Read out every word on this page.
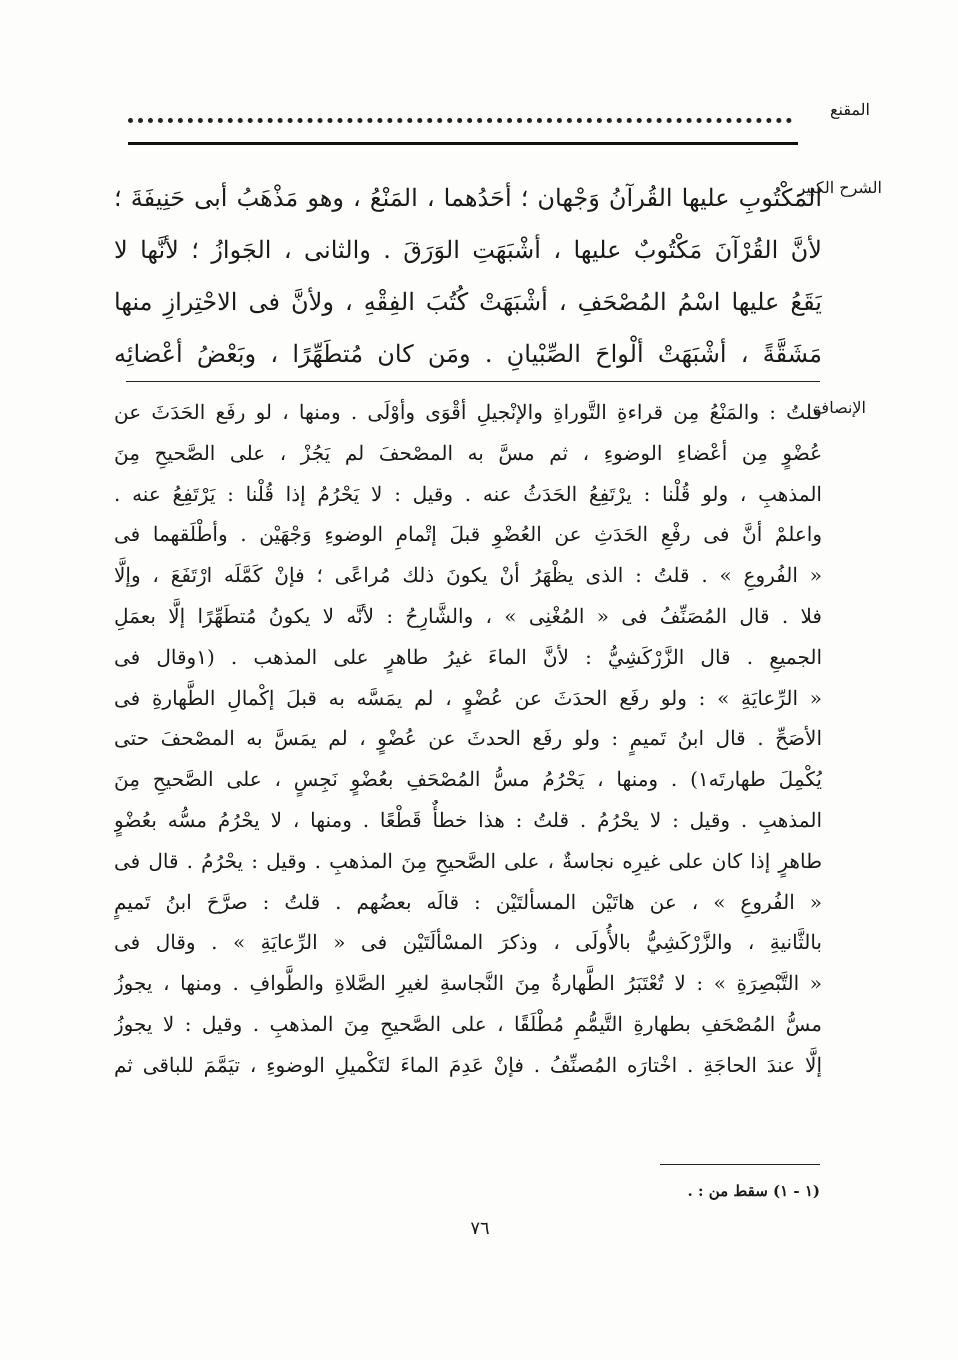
المقنع
الشرح الكبير
المَكْتُوبِ عليها القُرآنُ وَجْهان ؛ أحَدُهما ، المَنْعُ ، وهو مَذْهَبُ أبى حَنِيفَةَ ؛
لأنَّ القُرْآنَ مَكْتُوبٌ عليها ، أشْبَهَتِ الوَرَقَ . والثانى ، الجَوازُ ؛ لأنَّها لا
يَقَعُ عليها اسْمُ المُصْحَفِ ، أشْبَهَتْ كُتُبَ الفِقْهِ ، ولأنَّ فى الاحْتِرازِ منها
مَشَقَّةً ، أشْبَهَتْ ألْواحَ الصِّبْيانِ . ومَن كان مُتطَهِّرًا ، وبَعْضُ أعْضائِه
الإنصاف
قلتُ : والمَنْعُ مِن قراءةِ التَّوراةِ والإنْجيلِ أقْوَى وأوْلَى . ومنها ، لو رفَع الحَدَثَ عن
عُضْوٍ مِن أعْضاءِ الوضوءِ ، ثم مسَّ به المصْحفَ لم يَجُزْ ، على الصَّحيحِ مِنَ
المذهبِ ، ولو قُلْنا : يرْتَفِعُ الحَدَثُ عنه . وقيل : لا يَحْرُمُ إذا قُلْنا : يَرْتَفِعُ عنه .
واعلمْ أنَّ فى رفْعِ الحَدَثِ عن العُضْوِ قبلَ إتْمامِ الوضوءِ وَجْهَيْن . وأطْلَقهما فى
« الفُروعِ » . قلتُ : الذى يظْهَرُ أنْ يكونَ ذلك مُراعًى ؛ فإنْ كَمَّلَه ارْتَفَعَ ، وإلَّا
فلا . قال المُصَنِّفُ فى « المُغْنِى » ، والشَّارِحُ : لأنَّه لا يكونُ مُتطَهِّرًا إلَّا بعمَلِ
الجميعِ . قال الزَّرْكَشِيُّ : لأنَّ الماءَ غيرُ طاهرٍ على المذهب . (١وقال فى
« الرِّعايَةِ » : ولو رفَع الحدَثَ عن عُضْوٍ ، لم يمَسَّه به قبلَ إكْمالِ الطَّهارةِ فى
الأصَحِّ . قال ابنُ تَميمٍ : ولو رفَع الحدثَ عن عُضْوٍ ، لم يمَسَّ به المصْحفَ حتى
يُكْمِلَ طهارتَه١) . ومنها ، يَحْرُمُ مسُّ المُصْحَفِ بعُضْوٍ نَجِسٍ ، على الصَّحيحِ مِنَ
المذهبِ . وقيل : لا يحْرُمُ . قلتُ : هذا خطأٌ قَطْعًا . ومنها ، لا يحْرُمُ مسُّه بعُضْوٍ
طاهرٍ إذا كان على غيرِه نجاسةٌ ، على الصَّحيحِ مِنَ المذهبِ . وقيل : يحْرُمُ . قال فى
« الفُروعِ » ، عن هاتَيْن المسألتَيْن : قالَه بعضُهم . قلتُ : صرَّحَ ابنُ تَميمٍ
بالثَّانيةِ ، والزَّرْكَشِيُّ بالأُولَى ، وذكرَ المسْألَتَيْن فى « الرِّعايَةِ » . وقال فى
« التَّبْصِرَةِ » : لا تُعْتَبَرُ الطَّهارةُ مِنَ النَّجاسةِ لغيرِ الصَّلاةِ والطَّوافِ . ومنها ، يجوزُ
مسُّ المُصْحَفِ بطهارةِ التَّيمُّمِ مُطْلَقًا ، على الصَّحيحِ مِنَ المذهبِ . وقيل : لا يجوزُ
إلَّا عندَ الحاجَةِ . اخْتارَه المُصنِّفُ . فإنْ عَدِمَ الماءَ لتَكْميلِ الوضوءِ ، تيَمَّمَ للباقى ثم
(١ - ١) سقط من : .
٧٦
